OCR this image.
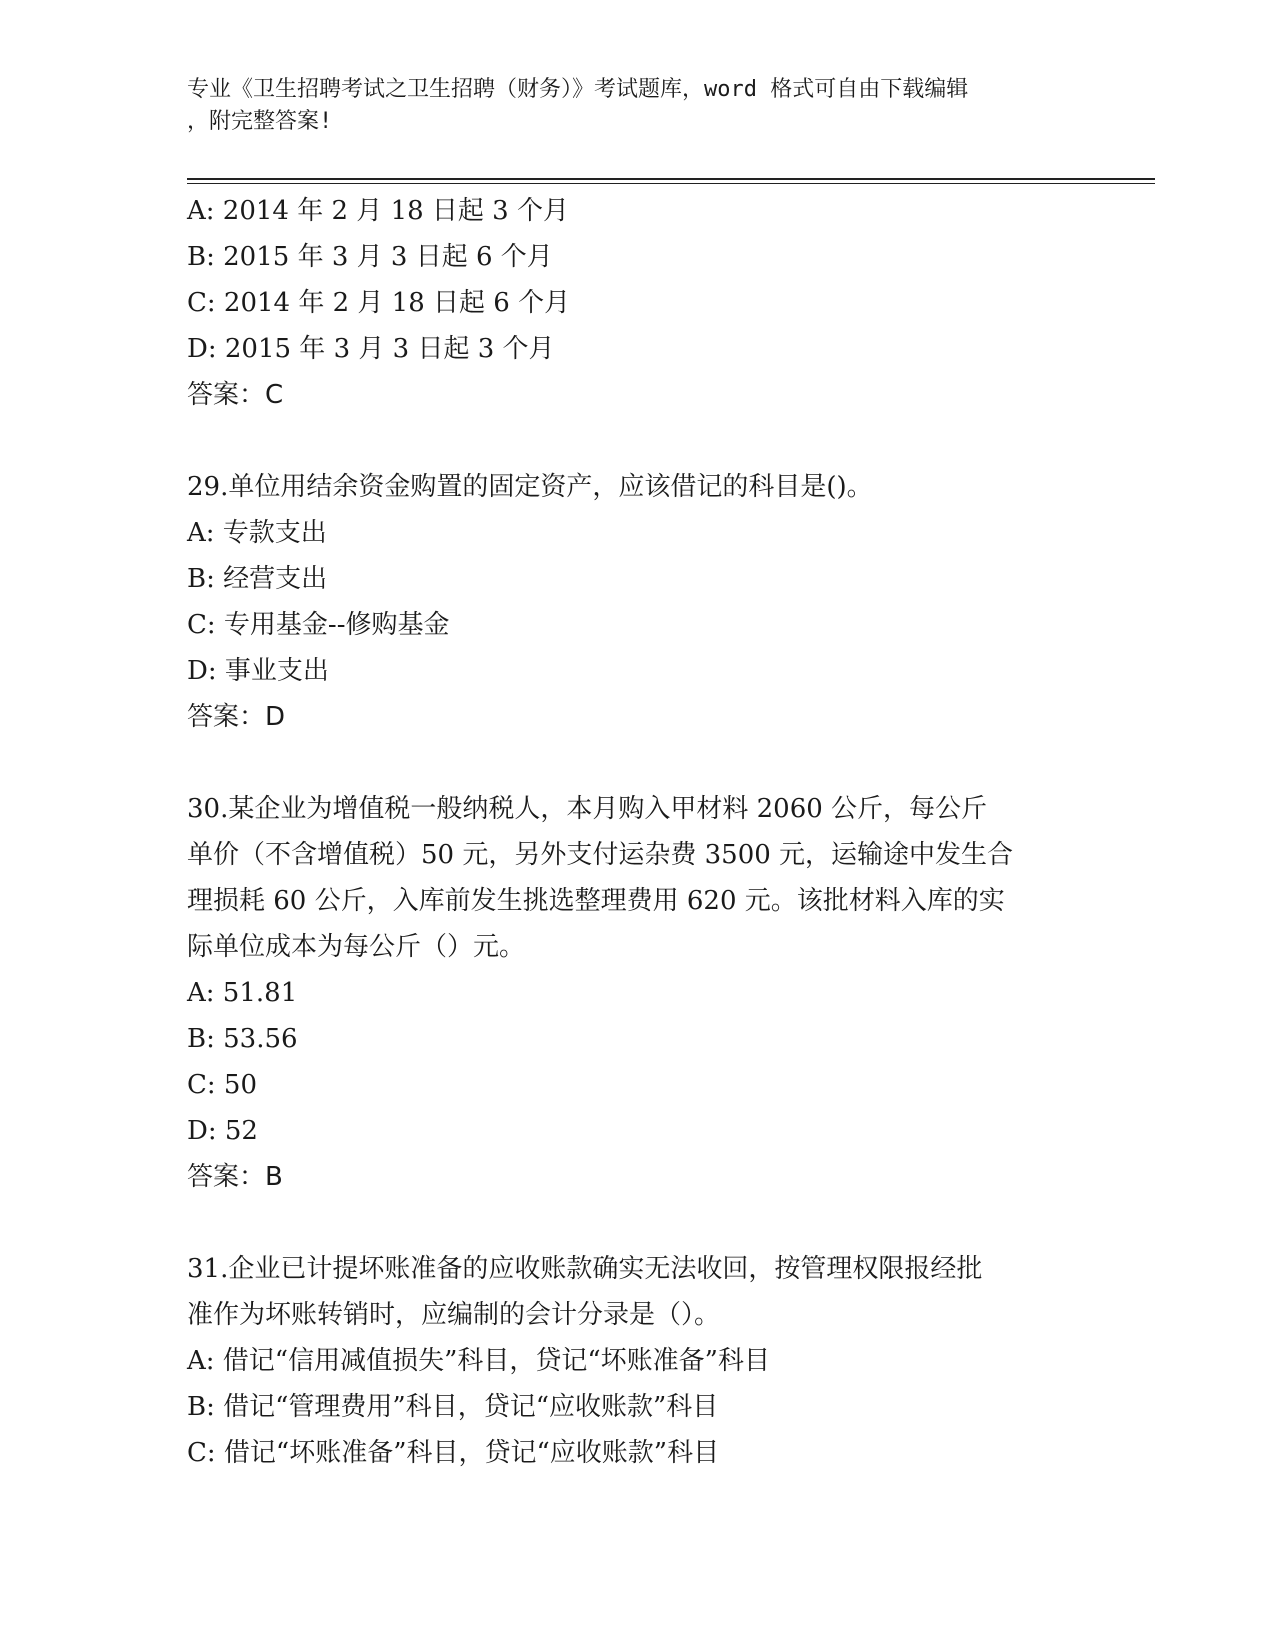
专业《卫生招聘考试之卫生招聘（财务）》考试题库，word 格式可自由下载编辑
，附完整答案!
A: 2014 年 2 月 18 日起 3 个月
B: 2015 年 3 月 3 日起 6 个月
C: 2014 年 2 月 18 日起 6 个月
D: 2015 年 3 月 3 日起 3 个月
答案：C
29.单位用结余资金购置的固定资产，应该借记的科目是()。
A: 专款支出
B: 经营支出
C: 专用基金--修购基金
D: 事业支出
答案：D
30.某企业为增值税一般纳税人，本月购入甲材料 2060 公斤，每公斤
单价（不含增值税）50 元，另外支付运杂费 3500 元，运输途中发生合
理损耗 60 公斤，入库前发生挑选整理费用 620 元。该批材料入库的实
际单位成本为每公斤（）元。
A: 51.81
B: 53.56
C: 50
D: 52
答案：B
31.企业已计提坏账准备的应收账款确实无法收回，按管理权限报经批
准作为坏账转销时，应编制的会计分录是（）。
A: 借记“信用减值损失”科目，贷记“坏账准备”科目
B: 借记“管理费用”科目，贷记“应收账款”科目
C: 借记“坏账准备”科目，贷记“应收账款”科目
